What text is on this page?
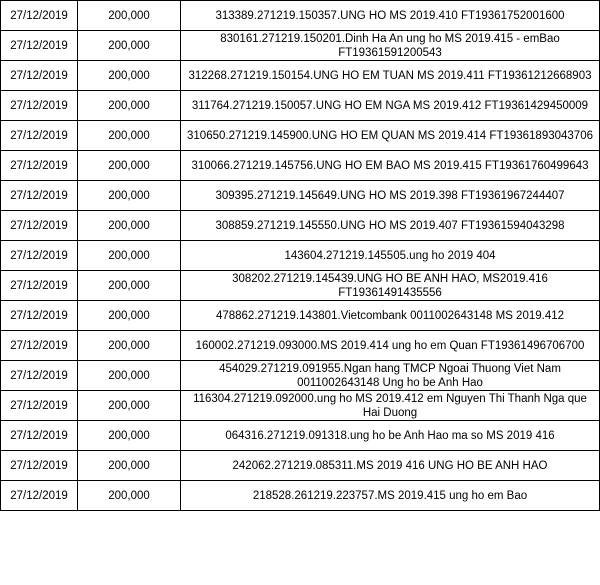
27/12/2019	200,000	313389.271219.150357.UNG HO MS 2019.410 FT19361752001600
27/12/2019	200,000	830161.271219.150201.Dinh Ha An ung ho MS 2019.415 - emBao FT19361591200543
27/12/2019	200,000	312268.271219.150154.UNG HO EM TUAN MS 2019.411 FT19361212668903
27/12/2019	200,000	311764.271219.150057.UNG HO EM NGA MS 2019.412 FT19361429450009
27/12/2019	200,000	310650.271219.145900.UNG HO EM QUAN MS 2019.414 FT19361893043706
27/12/2019	200,000	310066.271219.145756.UNG HO EM BAO MS 2019.415 FT19361760499643
27/12/2019	200,000	309395.271219.145649.UNG HO MS 2019.398 FT19361967244407
27/12/2019	200,000	308859.271219.145550.UNG HO MS 2019.407 FT19361594043298
27/12/2019	200,000	143604.271219.145505.ung ho 2019 404
27/12/2019	200,000	308202.271219.145439.UNG HO BE ANH HAO, MS2019.416 FT19361491435556
27/12/2019	200,000	478862.271219.143801.Vietcombank 0011002643148 MS 2019.412
27/12/2019	200,000	160002.271219.093000.MS 2019.414 ung ho em Quan FT19361496706700
27/12/2019	200,000	454029.271219.091955.Ngan hang TMCP Ngoai Thuong Viet Nam 0011002643148 Ung ho be Anh Hao
27/12/2019	200,000	116304.271219.092000.ung ho MS 2019.412 em Nguyen Thi Thanh Nga que Hai Duong
27/12/2019	200,000	064316.271219.091318.ung ho be Anh Hao ma so MS 2019 416
27/12/2019	200,000	242062.271219.085311.MS 2019 416 UNG HO BE ANH HAO
27/12/2019	200,000	218528.261219.223757.MS 2019.415 ung ho em Bao
